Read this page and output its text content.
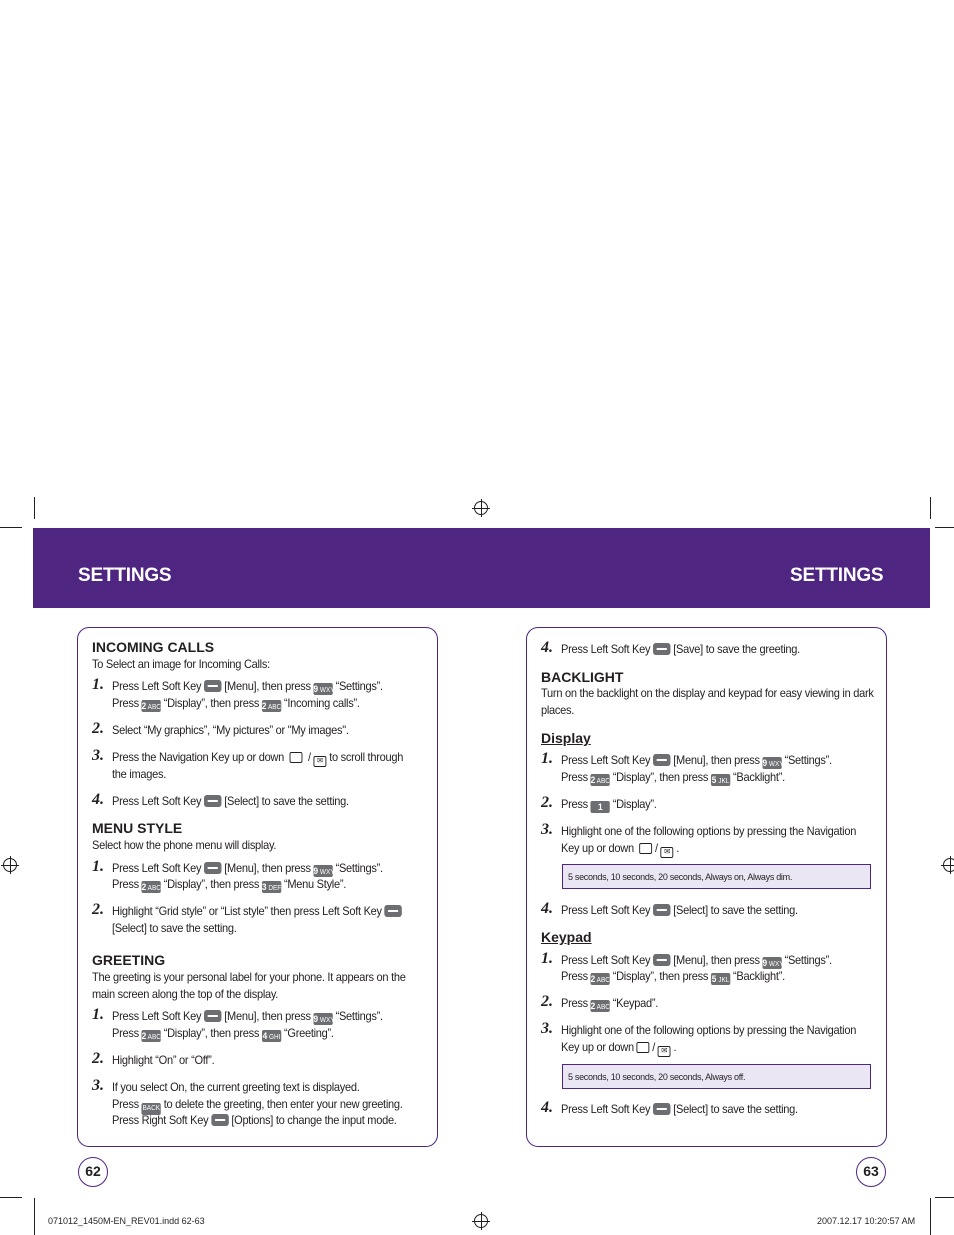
SETTINGS	SETTINGS
INCOMING CALLS
To Select an image for Incoming Calls:
1. Press Left Soft Key [Menu], then press 9 WXYZ“Settings”.
Press 2 ABC “Display”, then press 2 ABC “Incoming calls”.
2. Select “My graphics”, “My pictures” or "My images".
3. Press the Navigation Key up or down / ✉ to scroll through
the images.
4. Press Left Soft Key [Select] to save the setting.
MENU STYLE
Select how the phone menu will display.
1. Press Left Soft Key [Menu], then press 9 WXYZ“Settings”.
Press 2 ABC “Display”, then press 3 DEF “Menu Style”.
2. Highlight “Grid style” or “List style” then press Left Soft Key
[Select] to save the setting.
GREETING
The greeting is your personal label for your phone. It appears on the
main screen along the top of the display.
1. Press Left Soft Key [Menu], then press 9 WXYZ“Settings”.
Press 2 ABC “Display”, then press 4 GHI “Greeting”.
2. Highlight “On” or “Off”.
3. If you select On, the current greeting text is displayed.
Press BACK to delete the greeting, then enter your new greeting.
Press Right Soft Key [Options] to change the input mode.
62
4. Press Left Soft Key [Save] to save the greeting.
BACKLIGHT
Turn on the backlight on the display and keypad for easy viewing in dark
places.
Display
1. Press Left Soft Key [Menu], then press 9 WXYZ“Settings”.
Press 2 ABC “Display”, then press 5 JKL “Backlight”.
2. Press 1 “Display”.
3. Highlight one of the following options by pressing the Navigation
Key up or down / ✉ .
5 seconds, 10 seconds, 20 seconds, Always on, Always dim.
4. Press Left Soft Key [Select] to save the setting.
Keypad
1. Press Left Soft Key [Menu], then press 9 WXYZ“Settings”.
Press 2 ABC “Display”, then press 5 JKL “Backlight”.
2. Press 2 ABC “Keypad”.
3. Highlight one of the following options by pressing the Navigation
Key up or down / ✉ .
5 seconds, 10 seconds, 20 seconds, Always off.
4. Press Left Soft Key [Select] to save the setting.
63
071012_1450M-EN_REV01.indd 62-63	2007.12.17 10:20:57 AM
